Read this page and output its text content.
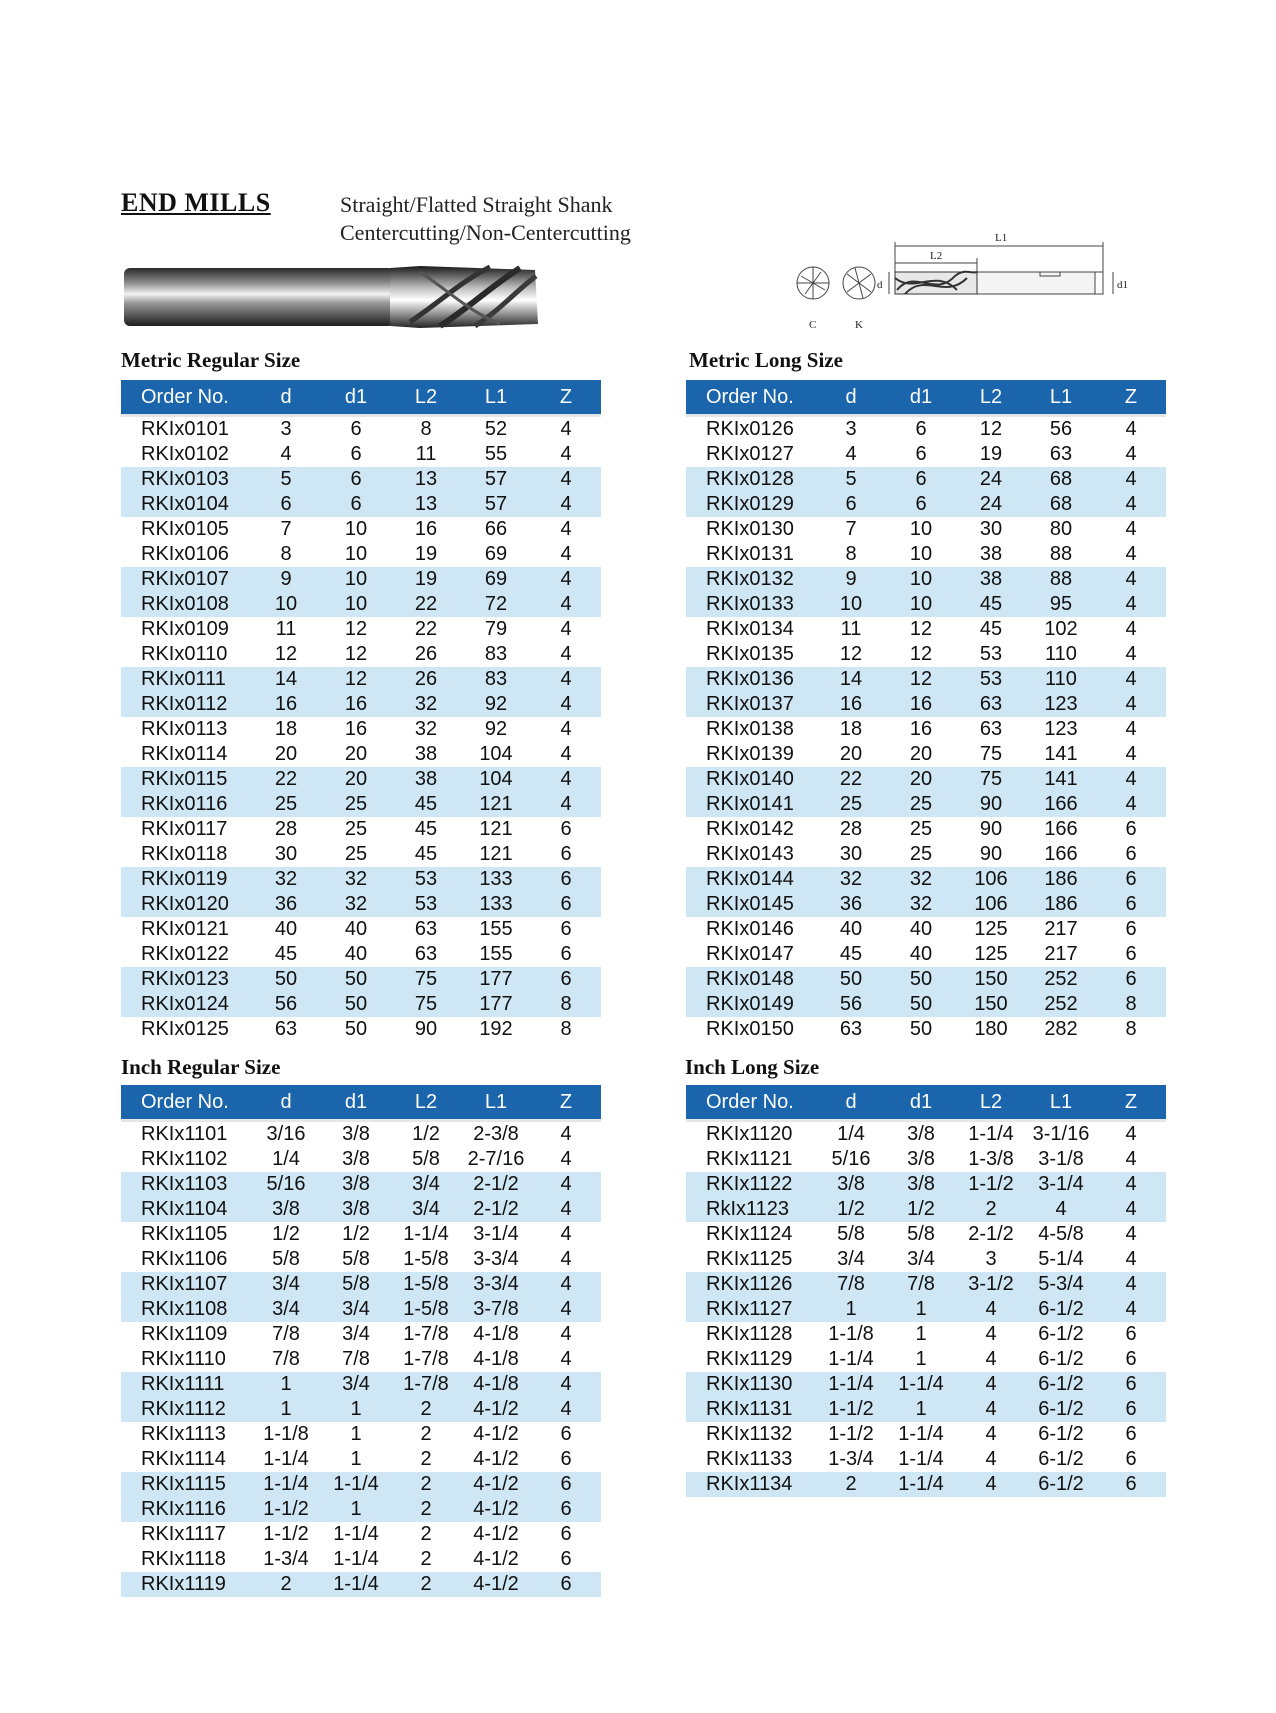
END MILLS	Straight/Flatted Straight Shank
Centercutting/Non-Centercutting	L1
L2
d	d1
C	K
Metric Regular Size	Metric Long Size
Inch Regular Size	Inch Long Size
Order No.	d	d1	L2	L1	Z
RKIx0101	3	6	8	52	4
RKIx0102	4	6	11	55	4
RKIx0103	5	6	13	57	4
RKIx0104	6	6	13	57	4
RKIx0105	7	10	16	66	4
RKIx0106	8	10	19	69	4
RKIx0107	9	10	19	69	4
RKIx0108	10	10	22	72	4
RKIx0109	11	12	22	79	4
RKIx0110	12	12	26	83	4
RKIx0111	14	12	26	83	4
RKIx0112	16	16	32	92	4
RKIx0113	18	16	32	92	4
RKIx0114	20	20	38	104	4
RKIx0115	22	20	38	104	4
RKIx0116	25	25	45	121	4
RKIx0117	28	25	45	121	6
RKIx0118	30	25	45	121	6
RKIx0119	32	32	53	133	6
RKIx0120	36	32	53	133	6
RKIx0121	40	40	63	155	6
RKIx0122	45	40	63	155	6
RKIx0123	50	50	75	177	6
RKIx0124	56	50	75	177	8
RKIx0125	63	50	90	192	8
Order No.	d	d1	L2	L1	Z
RKIx0126	3	6	12	56	4
RKIx0127	4	6	19	63	4
RKIx0128	5	6	24	68	4
RKIx0129	6	6	24	68	4
RKIx0130	7	10	30	80	4
RKIx0131	8	10	38	88	4
RKIx0132	9	10	38	88	4
RKIx0133	10	10	45	95	4
RKIx0134	11	12	45	102	4
RKIx0135	12	12	53	110	4
RKIx0136	14	12	53	110	4
RKIx0137	16	16	63	123	4
RKIx0138	18	16	63	123	4
RKIx0139	20	20	75	141	4
RKIx0140	22	20	75	141	4
RKIx0141	25	25	90	166	4
RKIx0142	28	25	90	166	6
RKIx0143	30	25	90	166	6
RKIx0144	32	32	106	186	6
RKIx0145	36	32	106	186	6
RKIx0146	40	40	125	217	6
RKIx0147	45	40	125	217	6
RKIx0148	50	50	150	252	6
RKIx0149	56	50	150	252	8
RKIx0150	63	50	180	282	8
Order No.	d	d1	L2	L1	Z
RKIx1101	3/16	3/8	1/2	2-3/8	4
RKIx1102	1/4	3/8	5/8	2-7/16	4
RKIx1103	5/16	3/8	3/4	2-1/2	4
RKIx1104	3/8	3/8	3/4	2-1/2	4
RKIx1105	1/2	1/2	1-1/4	3-1/4	4
RKIx1106	5/8	5/8	1-5/8	3-3/4	4
RKIx1107	3/4	5/8	1-5/8	3-3/4	4
RKIx1108	3/4	3/4	1-5/8	3-7/8	4
RKIx1109	7/8	3/4	1-7/8	4-1/8	4
RKIx1110	7/8	7/8	1-7/8	4-1/8	4
RKIx1111	1	3/4	1-7/8	4-1/8	4
RKIx1112	1	1	2	4-1/2	4
RKIx1113	1-1/8	1	2	4-1/2	6
RKIx1114	1-1/4	1	2	4-1/2	6
RKIx1115	1-1/4	1-1/4	2	4-1/2	6
RKIx1116	1-1/2	1	2	4-1/2	6
RKIx1117	1-1/2	1-1/4	2	4-1/2	6
RKIx1118	1-3/4	1-1/4	2	4-1/2	6
RKIx1119	2	1-1/4	2	4-1/2	6
Order No.	d	d1	L2	L1	Z
RKIx1120	1/4	3/8	1-1/4	3-1/16	4
RKIx1121	5/16	3/8	1-3/8	3-1/8	4
RKIx1122	3/8	3/8	1-1/2	3-1/4	4
RkIx1123	1/2	1/2	2	4	4
RKIx1124	5/8	5/8	2-1/2	4-5/8	4
RKIx1125	3/4	3/4	3	5-1/4	4
RKIx1126	7/8	7/8	3-1/2	5-3/4	4
RKIx1127	1	1	4	6-1/2	4
RKIx1128	1-1/8	1	4	6-1/2	6
RKIx1129	1-1/4	1	4	6-1/2	6
RKIx1130	1-1/4	1-1/4	4	6-1/2	6
RKIx1131	1-1/2	1	4	6-1/2	6
RKIx1132	1-1/2	1-1/4	4	6-1/2	6
RKIx1133	1-3/4	1-1/4	4	6-1/2	6
RKIx1134	2	1-1/4	4	6-1/2	6
